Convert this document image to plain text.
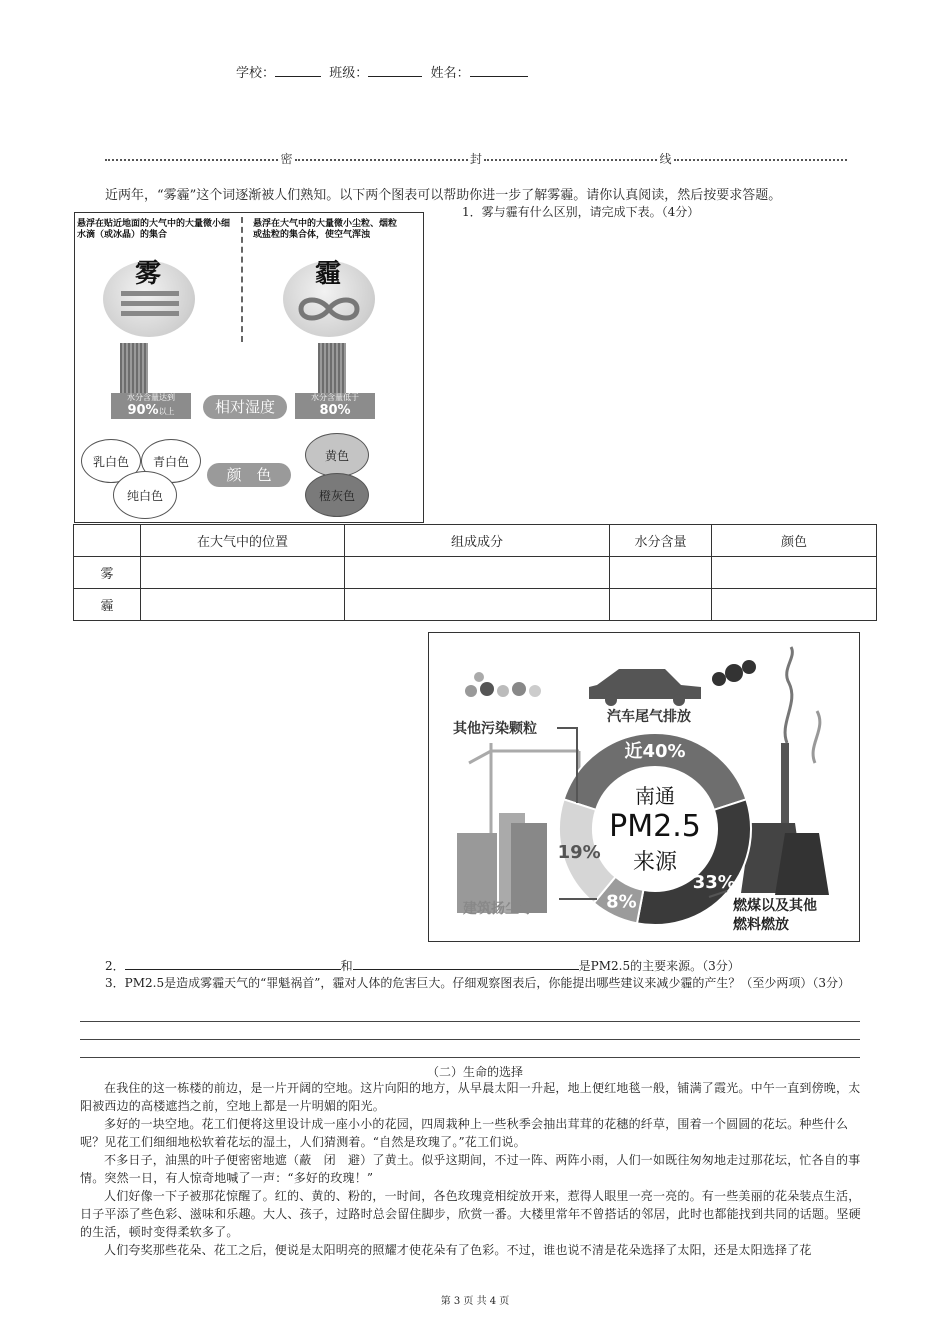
学校：	班级：	姓名：
密	封	线
近两年，“雾霾”这个词逐渐被人们熟知。以下两个图表可以帮助你进一步了解雾霾。请你认真阅读，然后按要求答题。
1．雾与霾有什么区别，请完成下表。（4分）
悬浮在贴近地面的大气中的大量微小细水滴（或冰晶）的集合
悬浮在大气中的大量微小尘粒、烟粒或盐粒的集合体，使空气浑浊
雾	霾
水分含量达到
90%以上
水分含量低于
80%
相对湿度
乳白色	青白色
纯白色
颜　色
黄色
橙灰色
	在大气中的位置	组成成分	水分含量	颜色
雾				
霾				
南通
PM2.5
来源
其他污染颗粒
汽车尾气排放
建筑扬尘等	燃煤以及其他
燃料燃放
近40%
33%
8%
19%
2．	和	是PM2.5的主要来源。（3分）
3．PM2.5是造成雾霾天气的“罪魁祸首”，霾对人体的危害巨大。仔细观察图表后，你能提出哪些建议来减少霾的产生？（至少两项）（3分）
（二）生命的选择

在我住的这一栋楼的前边，是一片开阔的空地。这片向阳的地方，从早晨太阳一升起，地上便红地毯一般，铺满了霞光。中午一直到傍晚，太阳被西边的高楼遮挡之前，空地上都是一片明媚的阳光。

多好的一块空地。花工们便将这里设计成一座小小的花园，四周栽种上一些秋季会抽出茸茸的花穗的纤草，围着一个圆圆的花坛。种些什么呢？见花工们细细地松软着花坛的湿土，人们猜测着。“自然是玫瑰了。”花工们说。

不多日子，油黑的叶子便密密地遮（蔽　闭　避）了黄土。似乎这期间，不过一阵、两阵小雨，人们一如既往匆匆地走过那花坛，忙各自的事情。突然一日，有人惊奇地喊了一声：“多好的玫瑰！”

人们好像一下子被那花惊醒了。红的、黄的、粉的，一时间，各色玫瑰竞相绽放开来，惹得人眼里一亮一亮的。有一些美丽的花朵装点生活，日子平添了些色彩、滋味和乐趣。大人、孩子，过路时总会留住脚步，欣赏一番。大楼里常年不曾搭话的邻居，此时也都能找到共同的话题。坚硬的生活，顿时变得柔软多了。

人们夸奖那些花朵、花工之后，便说是太阳明亮的照耀才使花朵有了色彩。不过，谁也说不清是花朵选择了太阳，还是太阳选择了花

第 3 页 共 4 页
